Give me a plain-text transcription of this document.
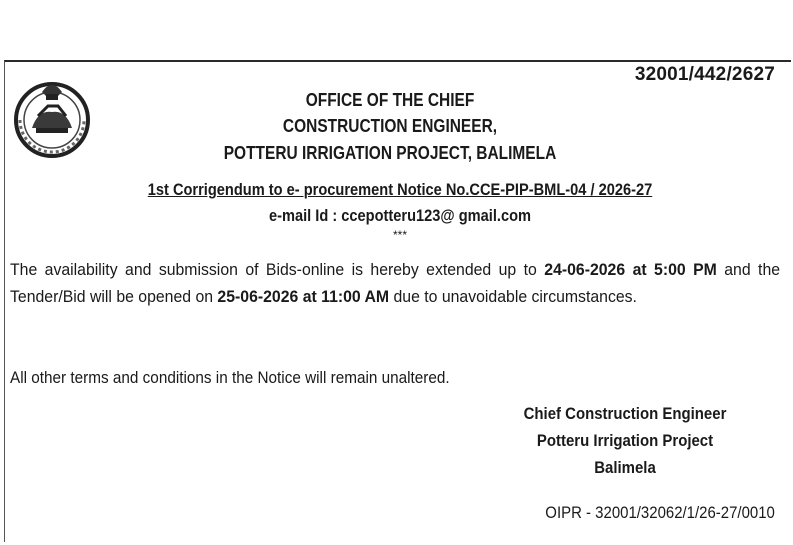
32001/442/2627
OFFICE OF THE CHIEF
CONSTRUCTION ENGINEER,
POTTERU IRRIGATION PROJECT, BALIMELA
1st Corrigendum to e- procurement Notice No.CCE-PIP-BML-04 / 2026-27
e-mail Id : ccepotteru123@ gmail.com
***
The availability and submission of Bids-online is hereby extended up to 24-06-2026 at 5:00 PM and the Tender/Bid will be opened on 25-06-2026 at 11:00 AM due to unavoidable circumstances.
All other terms and conditions in the Notice will remain unaltered.
Chief Construction Engineer
Potteru Irrigation Project
Balimela
OIPR - 32001/32062/1/26-27/0010
